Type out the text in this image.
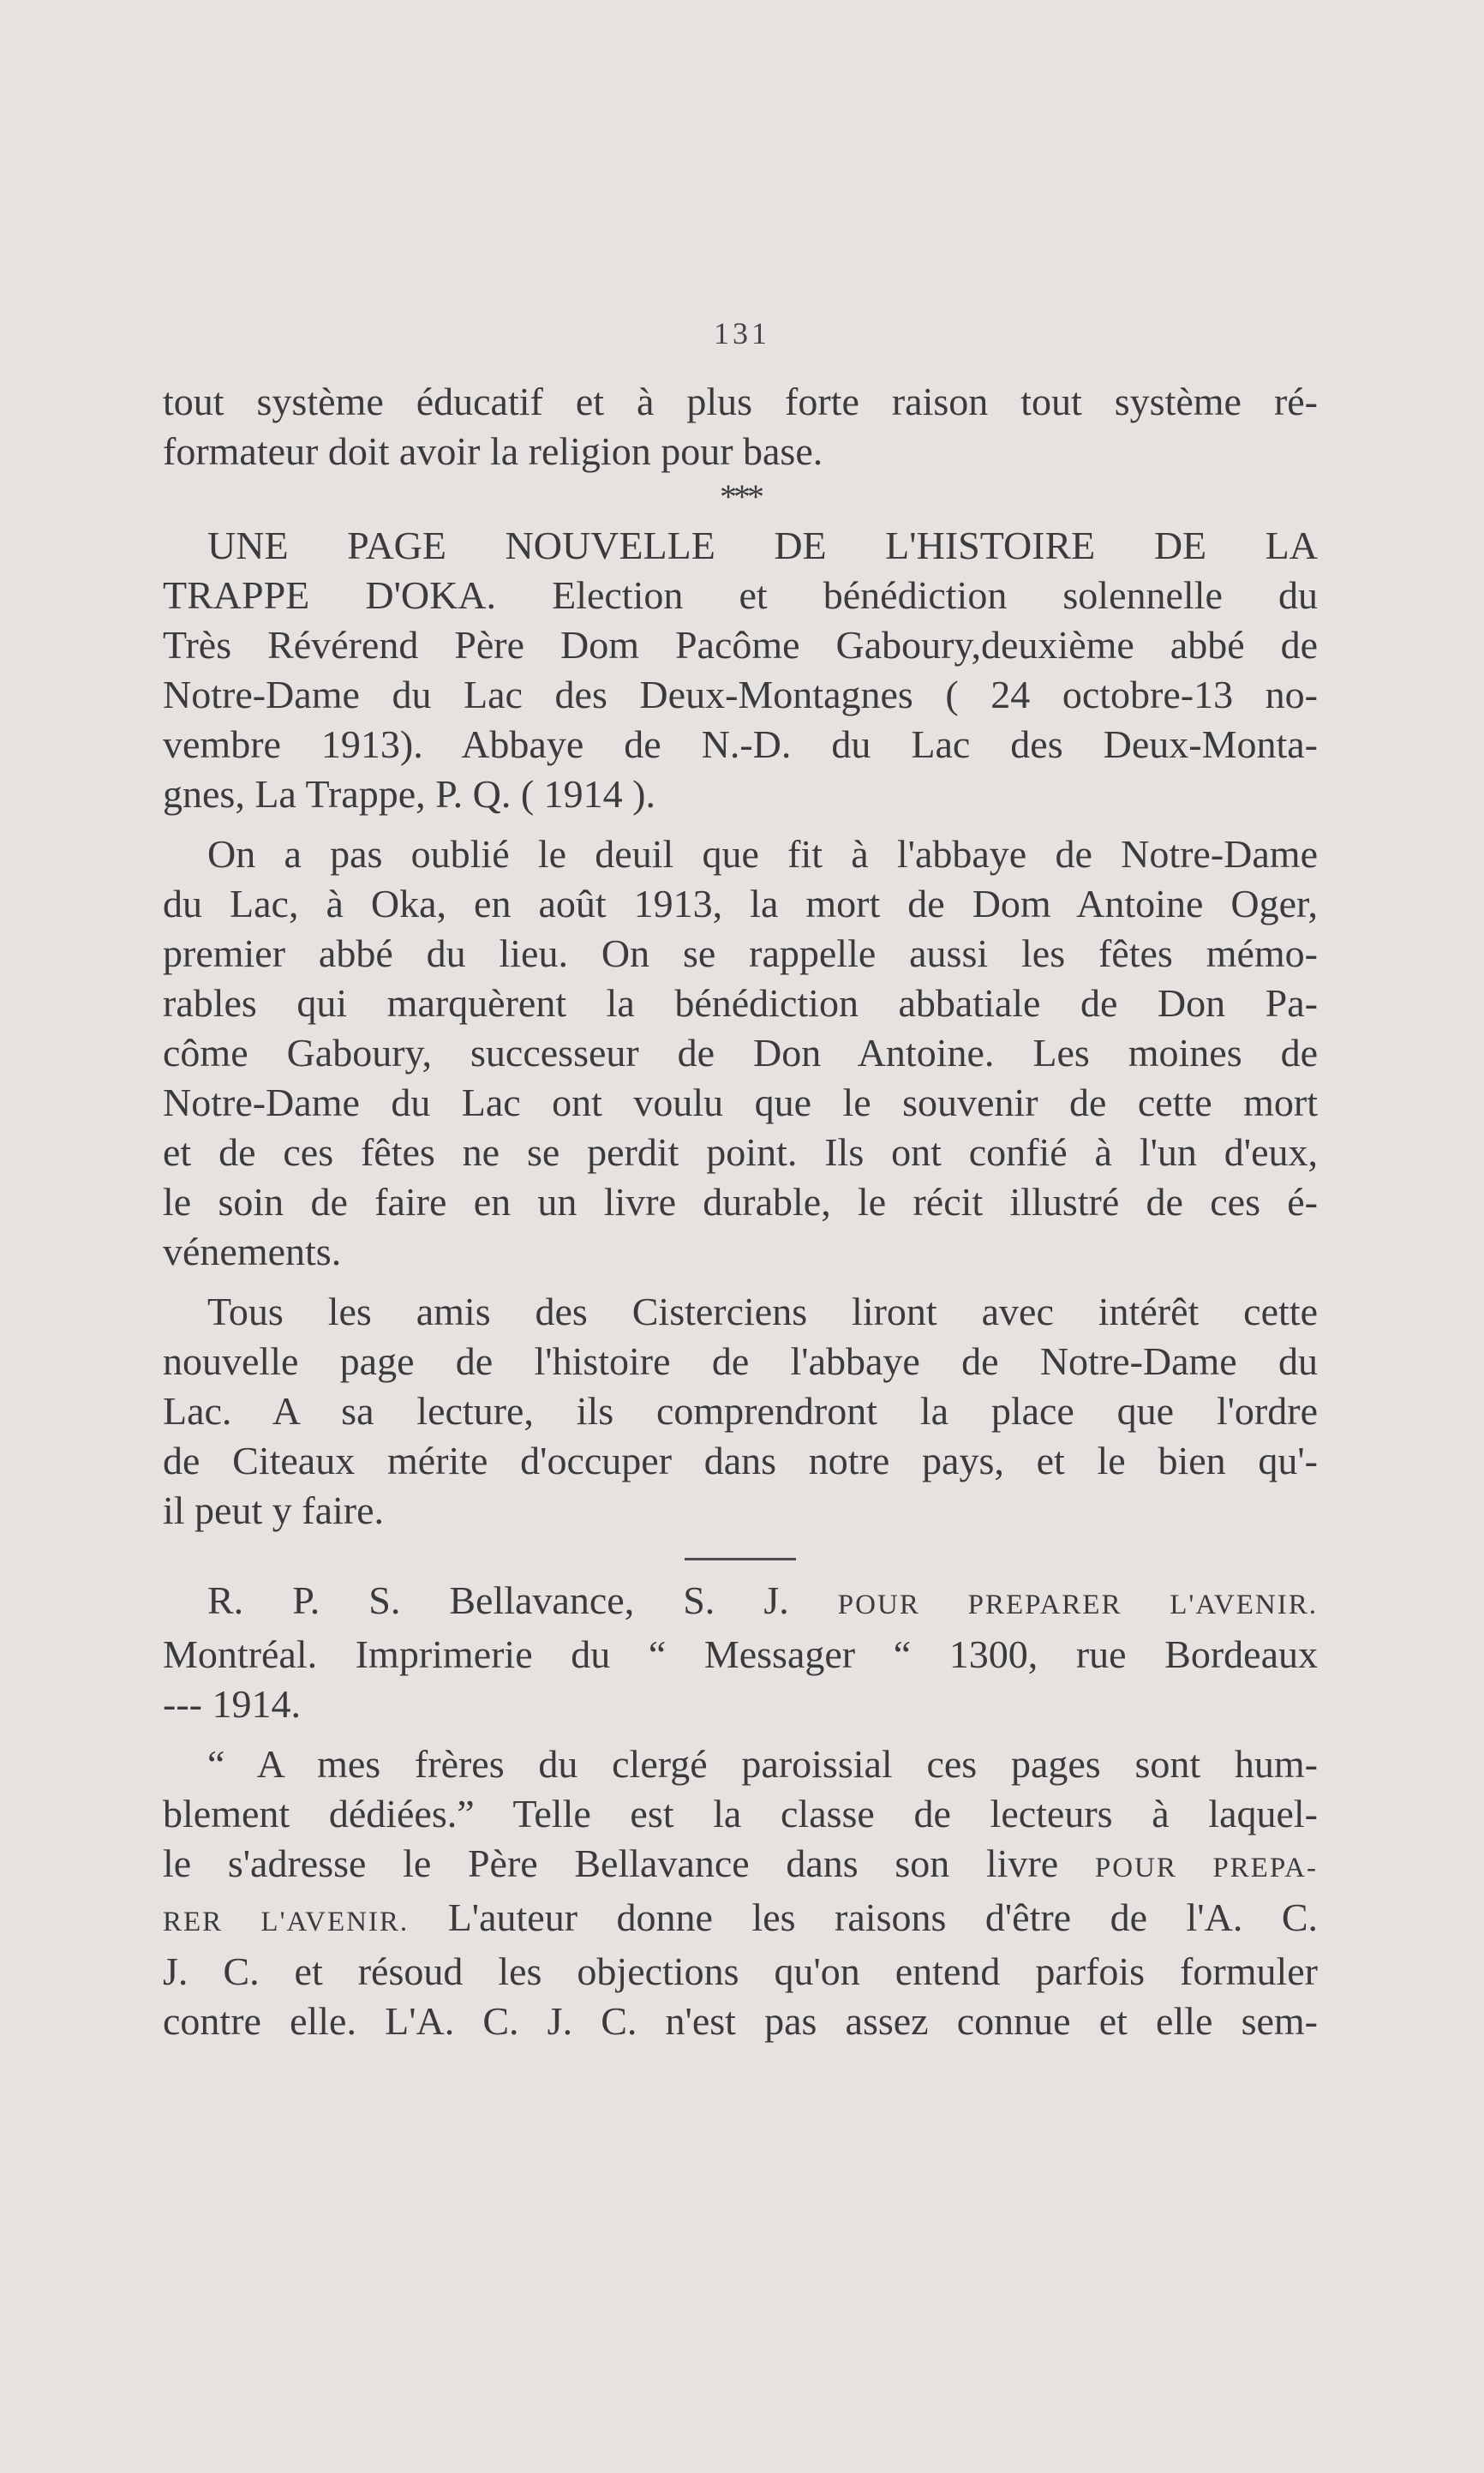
131
tout système éducatif et à plus forte raison tout système ré-
formateur doit avoir la religion pour base.
***
UNE PAGE NOUVELLE DE L'HISTOIRE DE LA
TRAPPE D'OKA. Election et bénédiction solennelle du
Très Révérend Père Dom Pacôme Gaboury,deuxième abbé de
Notre-Dame du Lac des Deux-Montagnes ( 24 octobre-13 no-
vembre 1913). Abbaye de N.-D. du Lac des Deux-Monta-
gnes, La Trappe, P. Q. ( 1914 ).
On a pas oublié le deuil que fit à l'abbaye de Notre-Dame
du Lac, à Oka, en août 1913, la mort de Dom Antoine Oger,
premier abbé du lieu. On se rappelle aussi les fêtes mémo-
rables qui marquèrent la bénédiction abbatiale de Don Pa-
côme Gaboury, successeur de Don Antoine. Les moines de
Notre-Dame du Lac ont voulu que le souvenir de cette mort
et de ces fêtes ne se perdit point. Ils ont confié à l'un d'eux,
le soin de faire en un livre durable, le récit illustré de ces é-
vénements.
Tous les amis des Cisterciens liront avec intérêt cette
nouvelle page de l'histoire de l'abbaye de Notre-Dame du
Lac. A sa lecture, ils comprendront la place que l'ordre
de Citeaux mérite d'occuper dans notre pays, et le bien qu'-
il peut y faire.
R. P. S. Bellavance, S. J. POUR PREPARER L'AVENIR.
Montréal. Imprimerie du “ Messager “ 1300, rue Bordeaux
--- 1914.
“ A mes frères du clergé paroissial ces pages sont hum-
blement dédiées.” Telle est la classe de lecteurs à laquel-
le s'adresse le Père Bellavance dans son livre POUR PREPA-
RER L'AVENIR. L'auteur donne les raisons d'être de l'A. C.
J. C. et résoud les objections qu'on entend parfois formuler
contre elle. L'A. C. J. C. n'est pas assez connue et elle sem-
